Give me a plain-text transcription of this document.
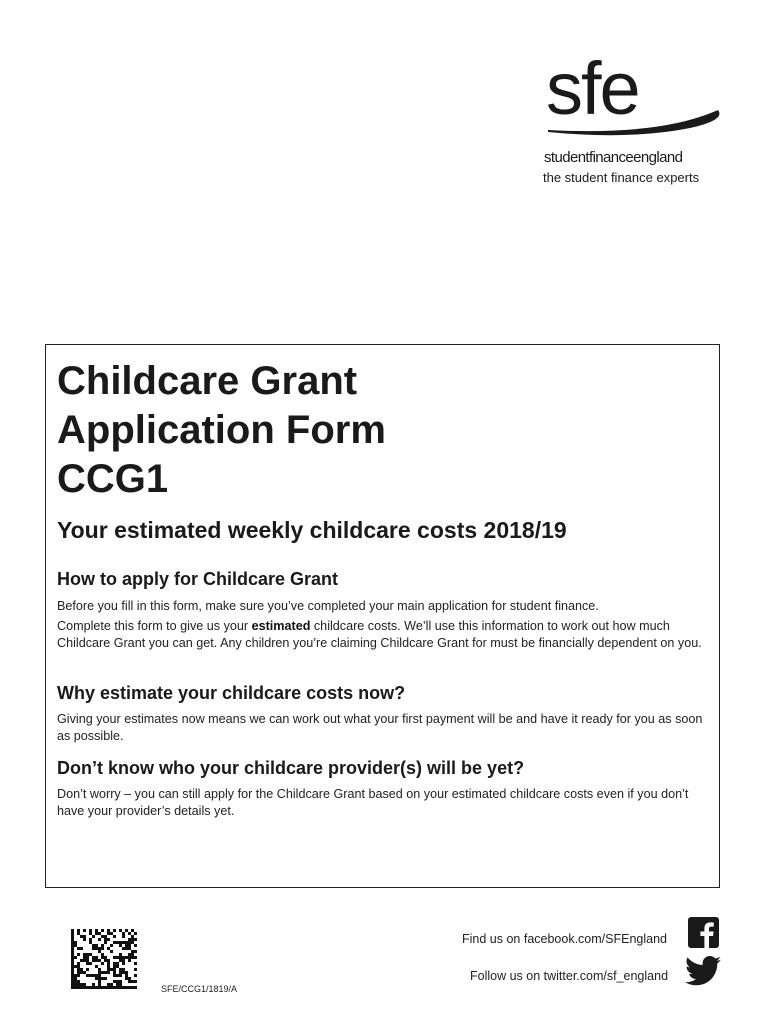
sfe
studentfinanceengland
the student finance experts
Childcare Grant
Application Form
CCG1
Your estimated weekly childcare costs 2018/19
How to apply for Childcare Grant

Before you fill in this form, make sure you’ve completed your main application for student finance.

Complete this form to give us your estimated childcare costs. We’ll use this information to work out how much Childcare Grant you can get. Any children you’re claiming Childcare Grant for must be financially dependent on you.

Why estimate your childcare costs now?

Giving your estimates now means we can work out what your first payment will be and have it ready for you as soon as possible.

Don’t know who your childcare provider(s) will be yet?

Don’t worry – you can still apply for the Childcare Grant based on your estimated childcare costs even if you don’t have your provider’s details yet.

SFE/CCG1/1819/A
Find us on facebook.com/SFEngland
Follow us on twitter.com/sf_england
